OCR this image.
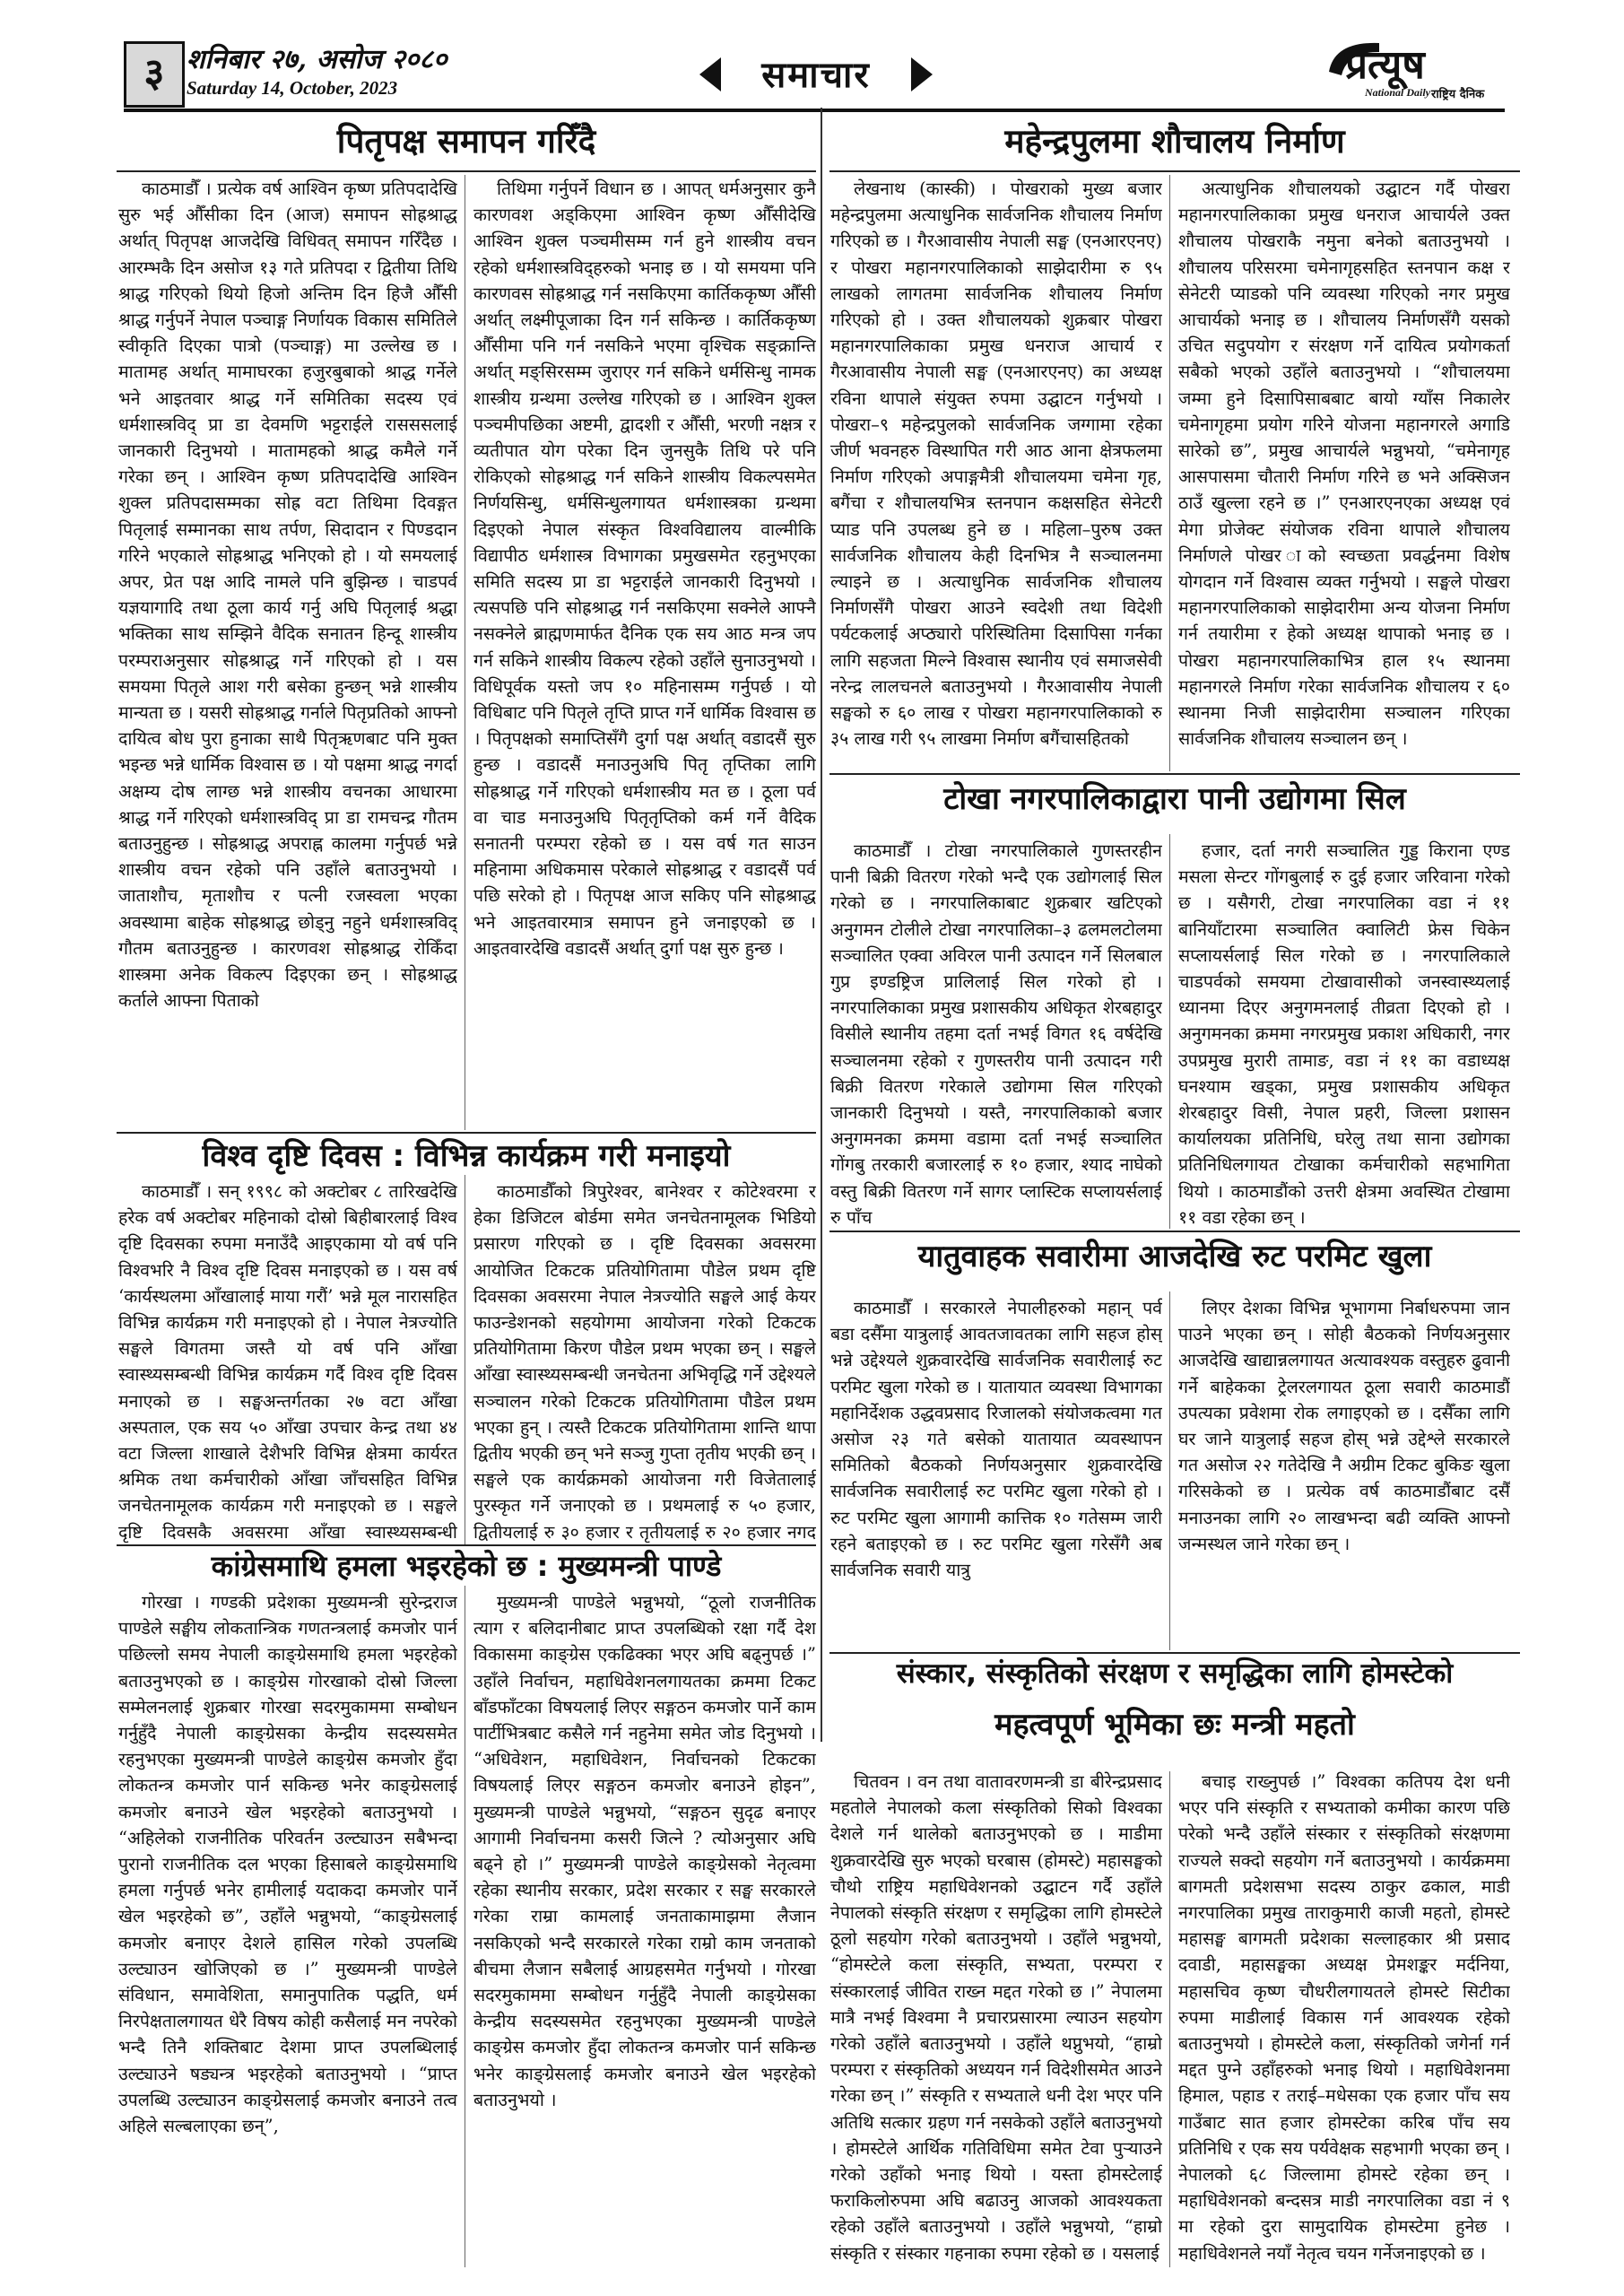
३ शनिबार २७, असोज २०८०
Saturday 14, October, 2023	समाचार	प्रत्यूष
National Daily राष्ट्रिय दैनिक
पितृपक्ष समापन गरिँदै
काठमाडौँ । प्रत्येक वर्ष आश्विन कृष्ण प्रतिपदादेखि सुरु भई औँसीका दिन (आज) समापन सोह्रश्राद्ध अर्थात् पितृपक्ष आजदेखि विधिवत् समापन गरिँदैछ । आरम्भकै दिन असोज १३ गते प्रतिपदा र द्वितीया तिथि श्राद्ध गरिएको थियो हिजो अन्तिम दिन हिजै औँसी श्राद्ध गर्नुपर्ने नेपाल पञ्चाङ्ग निर्णायक विकास समितिले स्वीकृति दिएका पात्रो (पञ्चाङ्ग) मा उल्लेख छ । मातामह अर्थात् मामाघरका हजुरबुबाको श्राद्ध गर्नेले भने आइतवार श्राद्ध गर्ने समितिका सदस्य एवं धर्मशास्त्रविद् प्रा डा देवमणि भट्टराईले रासससलाई जानकारी दिनुभयो । मातामहको श्राद्ध कमैले गर्ने गरेका छन् । आश्विन कृष्ण प्रतिपदादेखि आश्विन शुक्ल प्रतिपदासम्मका सोह्र वटा तिथिमा दिवङ्गत पितृलाई सम्मानका साथ तर्पण, सिदादान र पिण्डदान गरिने भएकाले सोह्रश्राद्ध भनिएको हो । यो समयलाई अपर, प्रेत पक्ष आदि नामले पनि बुझिन्छ । चाडपर्व यज्ञयागादि तथा ठूला कार्य गर्नु अघि पितृलाई श्रद्धा भक्तिका साथ सम्झिने वैदिक सनातन हिन्दू शास्त्रीय परम्पराअनुसार सोह्रश्राद्ध गर्ने गरिएको हो । यस समयमा पितृले आश गरी बसेका हुन्छन् भन्ने शास्त्रीय मान्यता छ । यसरी सोह्रश्राद्ध गर्नाले पितृप्रतिको आफ्नो दायित्व बोध पुरा हुनाका साथै पितृऋणबाट पनि मुक्त भइन्छ भन्ने धार्मिक विश्वास छ । यो पक्षमा श्राद्ध नगर्दा अक्षम्य दोष लाग्छ भन्ने शास्त्रीय वचनका आधारमा श्राद्ध गर्ने गरिएको धर्मशास्त्रविद् प्रा डा रामचन्द्र गौतम बताउनुहुन्छ । सोह्रश्राद्ध अपराह्न कालमा गर्नुपर्छ भन्ने शास्त्रीय वचन रहेको पनि उहाँले बताउनुभयो । जाताशौच, मृताशौच र पत्नी रजस्वला भएका अवस्थामा बाहेक सोह्रश्राद्ध छोड्नु नहुने धर्मशास्त्रविद् गौतम बताउनुहुन्छ । कारणवश सोह्रश्राद्ध रोकिँदा शास्त्रमा अनेक विकल्प दिइएका छन् । सोह्रश्राद्ध कर्ताले आफ्ना पिताको
तिथिमा गर्नुपर्ने विधान छ । आपत् धर्मअनुसार कुनै कारणवश अड्किएमा आश्विन कृष्ण औँसीदेखि आश्विन शुक्ल पञ्चमीसम्म गर्न हुने शास्त्रीय वचन रहेको धर्मशास्त्रविद्हरुको भनाइ छ । यो समयमा पनि कारणवस सोह्रश्राद्ध गर्न नसकिएमा कार्तिककृष्ण औँसी अर्थात् लक्ष्मीपूजाका दिन गर्न सकिन्छ । कार्तिककृष्ण औँसीमा पनि गर्न नसकिने भएमा वृश्चिक सङ्क्रान्ति अर्थात् मङ्सिरसम्म जुराएर गर्न सकिने धर्मसिन्धु नामक शास्त्रीय ग्रन्थमा उल्लेख गरिएको छ । आश्विन शुक्ल पञ्चमीपछिका अष्टमी, द्वादशी र औँसी, भरणी नक्षत्र र व्यतीपात योग परेका दिन जुनसुकै तिथि परे पनि रोकिएको सोह्रश्राद्ध गर्न सकिने शास्त्रीय विकल्पसमेत निर्णयसिन्धु, धर्मसिन्धुलगायत धर्मशास्त्रका ग्रन्थमा दिइएको नेपाल संस्कृत विश्वविद्यालय वाल्मीकि विद्यापीठ धर्मशास्त्र विभागका प्रमुखसमेत रहनुभएका समिति सदस्य प्रा डा भट्टराईले जानकारी दिनुभयो । त्यसपछि पनि सोह्रश्राद्ध गर्न नसकिएमा सक्नेले आफ्नै नसक्नेले ब्राह्मणमार्फत दैनिक एक सय आठ मन्त्र जप गर्न सकिने शास्त्रीय विकल्प रहेको उहाँले सुनाउनुभयो । विधिपूर्वक यस्तो जप १० महिनासम्म गर्नुपर्छ । यो विधिबाट पनि पितृले तृप्ति प्राप्त गर्ने धार्मिक विश्वास छ । पितृपक्षको समाप्तिसँगै दुर्गा पक्ष अर्थात् वडादसैं सुरु हुन्छ । वडादसैं मनाउनुअघि पितृ तृप्तिका लागि सोह्रश्राद्ध गर्ने गरिएको धर्मशास्त्रीय मत छ । ठूला पर्व वा चाड मनाउनुअघि पितृतृप्तिको कर्म गर्ने वैदिक सनातनी परम्परा रहेको छ । यस वर्ष गत साउन महिनामा अधिकमास परेकाले सोह्रश्राद्ध र वडादसैं पर्व पछि सरेको हो । पितृपक्ष आज सकिए पनि सोह्रश्राद्ध भने आइतवारमात्र समापन हुने जनाइएको छ । आइतवारदेखि वडादसैं अर्थात् दुर्गा पक्ष सुरु हुन्छ ।
विश्व दृष्टि दिवस : विभिन्न कार्यक्रम गरी मनाइयो
काठमाडौँ । सन् १९९८ को अक्टोबर ८ तारिखदेखि हरेक वर्ष अक्टोबर महिनाको दोस्रो बिहीबारलाई विश्व दृष्टि दिवसका रुपमा मनाउँदै आइएकामा यो वर्ष पनि विश्वभरि नै विश्व दृष्टि दिवस मनाइएको छ । यस वर्ष ‘कार्यस्थलमा आँखालाई माया गरौं’ भन्ने मूल नारासहित विभिन्न कार्यक्रम गरी मनाइएको हो । नेपाल नेत्रज्योति सङ्घले विगतमा जस्तै यो वर्ष पनि आँखा स्वास्थ्यसम्बन्धी विभिन्न कार्यक्रम गर्दै विश्व दृष्टि दिवस मनाएको छ । सङ्घअन्तर्गतका २७ वटा आँखा अस्पताल, एक सय ५० आँखा उपचार केन्द्र तथा ४४ वटा जिल्ला शाखाले देशैभरि विभिन्न क्षेत्रमा कार्यरत श्रमिक तथा कर्मचारीको आँखा जाँचसहित विभिन्न जनचेतनामूलक कार्यक्रम गरी मनाइएको छ । सङ्घले दृष्टि दिवसकै अवसरमा आँखा स्वास्थ्यसम्बन्धी
काठमाडौँको त्रिपुरेश्वर, बानेश्वर र कोटेश्वरमा र हेका डिजिटल बोर्डमा समेत जनचेतनामूलक भिडियो प्रसारण गरिएको छ । दृष्टि दिवसका अवसरमा आयोजित टिकटक प्रतियोगितामा पौडेल प्रथम दृष्टि दिवसका अवसरमा नेपाल नेत्रज्योति सङ्घले आई केयर फाउन्डेशनको सहयोगमा आयोजना गरेको टिकटक प्रतियोगितामा किरण पौडेल प्रथम भएका छन् । सङ्घले आँखा स्वास्थ्यसम्बन्धी जनचेतना अभिवृद्धि गर्ने उद्देश्यले सञ्चालन गरेको टिकटक प्रतियोगितामा पौडेल प्रथम भएका हुन् । त्यस्तै टिकटक प्रतियोगितामा शान्ति थापा द्वितीय भएकी छन् भने सञ्जु गुप्ता तृतीय भएकी छन् । सङ्घले एक कार्यक्रमको आयोजना गरी विजेतालाई पुरस्कृत गर्ने जनाएको छ । प्रथमलाई रु ५० हजार, द्वितीयलाई रु ३० हजार र तृतीयलाई रु २० हजार नगद
कांग्रेसमाथि हमला भइरहेको छ : मुख्यमन्त्री पाण्डे
गोरखा । गण्डकी प्रदेशका मुख्यमन्त्री सुरेन्द्रराज पाण्डेले सङ्घीय लोकतान्त्रिक गणतन्त्रलाई कमजोर पार्न पछिल्लो समय नेपाली काङ्ग्रेसमाथि हमला भइरहेको बताउनुभएको छ । काङ्ग्रेस गोरखाको दोस्रो जिल्ला सम्मेलनलाई शुक्रबार गोरखा सदरमुकाममा सम्बोधन गर्नुहुँदै नेपाली काङ्ग्रेसका केन्द्रीय सदस्यसमेत रहनुभएका मुख्यमन्त्री पाण्डेले काङ्ग्रेस कमजोर हुँदा लोकतन्त्र कमजोर पार्न सकिन्छ भनेर काङ्ग्रेसलाई कमजोर बनाउने खेल भइरहेको बताउनुभयो । “अहिलेको राजनीतिक परिवर्तन उल्ट्याउन सबैभन्दा पुरानो राजनीतिक दल भएका हिसाबले काङ्ग्रेसमाथि हमला गर्नुपर्छ भनेर हामीलाई यदाकदा कमजोर पार्ने खेल भइरहेको छ”, उहाँले भन्नुभयो, “काङ्ग्रेसलाई कमजोर बनाएर देशले हासिल गरेको उपलब्धि उल्ट्याउन खोजिएको छ ।” मुख्यमन्त्री पाण्डेले संविधान, समावेशिता, समानुपातिक पद्धति, धर्म निरपेक्षतालगायत धेरै विषय कोही कसैलाई मन नपरेको भन्दै तिनै शक्तिबाट देशमा प्राप्त उपलब्धिलाई उल्ट्याउने षड्यन्त्र भइरहेको बताउनुभयो । “प्राप्त उपलब्धि उल्ट्याउन काङ्ग्रेसलाई कमजोर बनाउने तत्व अहिले सल्बलाएका छन्”,
मुख्यमन्त्री पाण्डेले भन्नुभयो, “ठूलो राजनीतिक त्याग र बलिदानीबाट प्राप्त उपलब्धिको रक्षा गर्दै देश विकासमा काङ्ग्रेस एकढिक्का भएर अघि बढ्नुपर्छ ।” उहाँले निर्वाचन, महाधिवेशनलगायतका क्रममा टिकट बाँडफाँटका विषयलाई लिएर सङ्गठन कमजोर पार्ने काम पार्टीभित्रबाट कसैले गर्न नहुनेमा समेत जोड दिनुभयो । “अधिवेशन, महाधिवेशन, निर्वाचनको टिकटका विषयलाई लिएर सङ्गठन कमजोर बनाउने होइन”, मुख्यमन्त्री पाण्डेले भन्नुभयो, “सङ्गठन सुदृढ बनाएर आगामी निर्वाचनमा कसरी जित्ने ? त्योअनुसार अघि बढ्ने हो ।” मुख्यमन्त्री पाण्डेले काङ्ग्रेसको नेतृत्वमा रहेका स्थानीय सरकार, प्रदेश सरकार र सङ्घ सरकारले गरेका राम्रा कामलाई जनताकामाझमा लैजान नसकिएको भन्दै सरकारले गरेका राम्रो काम जनताको बीचमा लैजान सबैलाई आग्रहसमेत गर्नुभयो । गोरखा सदरमुकाममा सम्बोधन गर्नुहुँदै नेपाली काङ्ग्रेसका केन्द्रीय सदस्यसमेत रहनुभएका मुख्यमन्त्री पाण्डेले काङ्ग्रेस कमजोर हुँदा लोकतन्त्र कमजोर पार्न सकिन्छ भनेर काङ्ग्रेसलाई कमजोर बनाउने खेल भइरहेको बताउनुभयो ।
महेन्द्रपुलमा शौचालय निर्माण
लेखनाथ (कास्की) । पोखराको मुख्य बजार महेन्द्रपुलमा अत्याधुनिक सार्वजनिक शौचालय निर्माण गरिएको छ । गैरआवासीय नेपाली सङ्घ (एनआरएनए) र पोखरा महानगरपालिकाको साझेदारीमा रु ९५ लाखको लागतमा सार्वजनिक शौचालय निर्माण गरिएको हो । उक्त शौचालयको शुक्रबार पोखरा महानगरपालिकाका प्रमुख धनराज आचार्य र गैरआवासीय नेपाली सङ्घ (एनआरएनए) का अध्यक्ष रविना थापाले संयुक्त रुपमा उद्घाटन गर्नुभयो । पोखरा–९ महेन्द्रपुलको सार्वजनिक जग्गामा रहेका जीर्ण भवनहरु विस्थापित गरी आठ आना क्षेत्रफलमा निर्माण गरिएको अपाङ्गमैत्री शौचालयमा चमेना गृह, बगैंचा र शौचालयभित्र स्तनपान कक्षसहित सेनेटरी प्याड पनि उपलब्ध हुने छ । महिला–पुरुष उक्त सार्वजनिक शौचालय केही दिनभित्र नै सञ्चालनमा ल्याइने छ । अत्याधुनिक सार्वजनिक शौचालय निर्माणसँगै पोखरा आउने स्वदेशी तथा विदेशी पर्यटकलाई अप्ठ्यारो परिस्थितिमा दिसापिसा गर्नका लागि सहजता मिल्ने विश्वास स्थानीय एवं समाजसेवी नरेन्द्र लालचनले बताउनुभयो । गैरआवासीय नेपाली सङ्घको रु ६० लाख र पोखरा महानगरपालिकाको रु ३५ लाख गरी ९५ लाखमा निर्माण बगैंचासहितको
अत्याधुनिक शौचालयको उद्घाटन गर्दै पोखरा महानगरपालिकाका प्रमुख धनराज आचार्यले उक्त शौचालय पोखराकै नमुना बनेको बताउनुभयो । शौचालय परिसरमा चमेनागृहसहित स्तनपान कक्ष र सेनेटरी प्याडको पनि व्यवस्था गरिएको नगर प्रमुख आचार्यको भनाइ छ । शौचालय निर्माणसँगै यसको उचित सदुपयोग र संरक्षण गर्ने दायित्व प्रयोगकर्ता सबैको भएको उहाँले बताउनुभयो । “शौचालयमा जम्मा हुने दिसापिसाबबाट बायो ग्याँस निकालेर चमेनागृहमा प्रयोग गरिने योजना महानगरले अगाडि सारेको छ”, प्रमुख आचार्यले भन्नुभयो, “चमेनागृह आसपासमा चौतारी निर्माण गरिने छ भने अक्सिजन ठाउँ खुल्ला रहने छ ।” एनआरएनएका अध्यक्ष एवं मेगा प्रोजेक्ट संयोजक रविना थापाले शौचालय निर्माणले पोखर ाको स्वच्छता प्रवर्द्धनमा विशेष योगदान गर्ने विश्वास व्यक्त गर्नुभयो । सङ्घले पोखरा महानगरपालिकाको साझेदारीमा अन्य योजना निर्माण गर्न तयारीमा र हेको अध्यक्ष थापाको भनाइ छ । पोखरा महानगरपालिकाभित्र हाल १५ स्थानमा महानगरले निर्माण गरेका सार्वजनिक शौचालय र ६० स्थानमा निजी साझेदारीमा सञ्चालन गरिएका सार्वजनिक शौचालय सञ्चालन छन् ।
टोखा नगरपालिकाद्वारा पानी उद्योगमा सिल
काठमाडौँ । टोखा नगरपालिकाले गुणस्तरहीन पानी बिक्री वितरण गरेको भन्दै एक उद्योगलाई सिल गरेको छ । नगरपालिकाबाट शुक्रबार खटिएको अनुगमन टोलीले टोखा नगरपालिका–३ ढलमलटोलमा सञ्चालित एक्वा अविरल पानी उत्पादन गर्ने सिलबाल गुप्र इण्डष्ट्रिज प्रालिलाई सिल गरेको हो । नगरपालिकाका प्रमुख प्रशासकीय अधिकृत शेरबहादुर विसीले स्थानीय तहमा दर्ता नभई विगत १६ वर्षदेखि सञ्चालनमा रहेको र गुणस्तरीय पानी उत्पादन गरी बिक्री वितरण गरेकाले उद्योगमा सिल गरिएको जानकारी दिनुभयो । यस्तै, नगरपालिकाको बजार अनुगमनका क्रममा वडामा दर्ता नभई सञ्चालित गोंगबु तरकारी बजारलाई रु १० हजार, श्याद नाघेको वस्तु बिक्री वितरण गर्ने सागर प्लास्टिक सप्लायर्सलाई रु पाँच
हजार, दर्ता नगरी सञ्चालित गुड्ड किराना एण्ड मसला सेन्टर गोंगबुलाई रु दुई हजार जरिवाना गरेको छ । यसैगरी, टोखा नगरपालिका वडा नं ११ बानियाँटारमा सञ्चालित क्वालिटी फ्रेस चिकेन सप्लायर्सलाई सिल गरेको छ । नगरपालिकाले चाडपर्वको समयमा टोखावासीको जनस्वास्थ्यलाई ध्यानमा दिएर अनुगमनलाई तीव्रता दिएको हो । अनुगमनका क्रममा नगरप्रमुख प्रकाश अधिकारी, नगर उपप्रमुख मुरारी तामाङ, वडा नं ११ का वडाध्यक्ष घनश्याम खड्का, प्रमुख प्रशासकीय अधिकृत शेरबहादुर विसी, नेपाल प्रहरी, जिल्ला प्रशासन कार्यालयका प्रतिनिधि, घरेलु तथा साना उद्योगका प्रतिनिधिलगायत टोखाका कर्मचारीको सहभागिता थियो । काठमाडौंको उत्तरी क्षेत्रमा अवस्थित टोखामा ११ वडा रहेका छन् ।
यातुवाहक सवारीमा आजदेखि रुट परमिट खुला
काठमाडौँ । सरकारले नेपालीहरुको महान् पर्व बडा दसैँमा यात्रुलाई आवतजावतका लागि सहज होस् भन्ने उद्देश्यले शुक्रवारदेखि सार्वजनिक सवारीलाई रुट परमिट खुला गरेको छ । यातायात व्यवस्था विभागका महानिर्देशक उद्धवप्रसाद रिजालको संयोजकत्वमा गत असोज २३ गते बसेको यातायात व्यवस्थापन समितिको बैठकको निर्णयअनुसार शुक्रवारदेखि सार्वजनिक सवारीलाई रुट परमिट खुला गरेको हो । रुट परमिट खुला आगामी कात्तिक १० गतेसम्म जारी रहने बताइएको छ । रुट परमिट खुला गरेसँगै अब सार्वजनिक सवारी यात्रु
लिएर देशका विभिन्न भूभागमा निर्बाधरुपमा जान पाउने भएका छन् । सोही बैठकको निर्णयअनुसार आजदेखि खाद्यान्नलगायत अत्यावश्यक वस्तुहरु ढुवानी गर्ने बाहेकका ट्रेलरलगायत ठूला सवारी काठमाडौं उपत्यका प्रवेशमा रोक लगाइएको छ । दसैँका लागि घर जाने यात्रुलाई सहज होस् भन्ने उद्देश्ले सरकारले गत असोज २२ गतेदेखि नै अग्रीम टिकट बुकिङ खुला गरिसकेको छ । प्रत्येक वर्ष काठमाडौंबाट दसैँ मनाउनका लागि २० लाखभन्दा बढी व्यक्ति आफ्नो जन्मस्थल जाने गरेका छन् ।
संस्कार, संस्कृतिको संरक्षण र समृद्धिका लागि होमस्टेको
महत्वपूर्ण भूमिका छः मन्त्री महतो
चितवन । वन तथा वातावरणमन्त्री डा बीरेन्द्रप्रसाद महतोले नेपालको कला संस्कृतिको सिको विश्वका देशले गर्न थालेको बताउनुभएको छ । माडीमा शुक्रवारदेखि सुरु भएको घरबास (होमस्टे) महासङ्घको चौथो राष्ट्रिय महाधिवेशनको उद्घाटन गर्दै उहाँले नेपालको संस्कृति संरक्षण र समृद्धिका लागि होमस्टेले ठूलो सहयोग गरेको बताउनुभयो । उहाँले भन्नुभयो, “होमस्टेले कला संस्कृति, सभ्यता, परम्परा र संस्कारलाई जीवित राख्न मद्दत गरेको छ ।” नेपालमा मात्रै नभई विश्वमा नै प्रचारप्रसारमा ल्याउन सहयोग गरेको उहाँले बताउनुभयो । उहाँले थप्नुभयो, “हाम्रो परम्परा र संस्कृतिको अध्ययन गर्न विदेशीसमेत आउने गरेका छन् ।” संस्कृति र सभ्यताले धनी देश भएर पनि अतिथि सत्कार ग्रहण गर्न नसकेको उहाँले बताउनुभयो । होमस्टेले आर्थिक गतिविधिमा समेत टेवा पुऱ्याउने गरेको उहाँको भनाइ थियो । यस्ता होमस्टेलाई फराकिलोरुपमा अघि बढाउनु आजको आवश्यकता रहेको उहाँले बताउनुभयो । उहाँले भन्नुभयो, “हाम्रो संस्कृति र संस्कार गहनाका रुपमा रहेको छ । यसलाई
बचाइ राख्नुपर्छ ।” विश्वका कतिपय देश धनी भएर पनि संस्कृति र सभ्यताको कमीका कारण पछि परेको भन्दै उहाँले संस्कार र संस्कृतिको संरक्षणमा राज्यले सक्दो सहयोग गर्ने बताउनुभयो । कार्यक्रममा बागमती प्रदेशसभा सदस्य ठाकुर ढकाल, माडी नगरपालिका प्रमुख ताराकुमारी काजी महतो, होमस्टे महासङ्घ बागमती प्रदेशका सल्लाहकार श्री प्रसाद दवाडी, महासङ्घका अध्यक्ष प्रेमशङ्कर मर्दनिया, महासचिव कृष्ण चौधरीलगायतले होमस्टे सिटीका रुपमा माडीलाई विकास गर्न आवश्यक रहेको बताउनुभयो । होमस्टेले कला, संस्कृतिको जगेर्ना गर्न मद्दत पुग्ने उहाँहरुको भनाइ थियो । महाधिवेशनमा हिमाल, पहाड र तराई–मधेसका एक हजार पाँच सय गाउँबाट सात हजार होमस्टेका करिब पाँच सय प्रतिनिधि र एक सय पर्यवेक्षक सहभागी भएका छन् । नेपालको ६८ जिल्लामा होमस्टे रहेका छन् । महाधिवेशनको बन्दसत्र माडी नगरपालिका वडा नं ९ मा रहेको दुरा सामुदायिक होमस्टेमा हुनेछ । महाधिवेशनले नयाँ नेतृत्व चयन गर्नेजनाइएको छ ।
